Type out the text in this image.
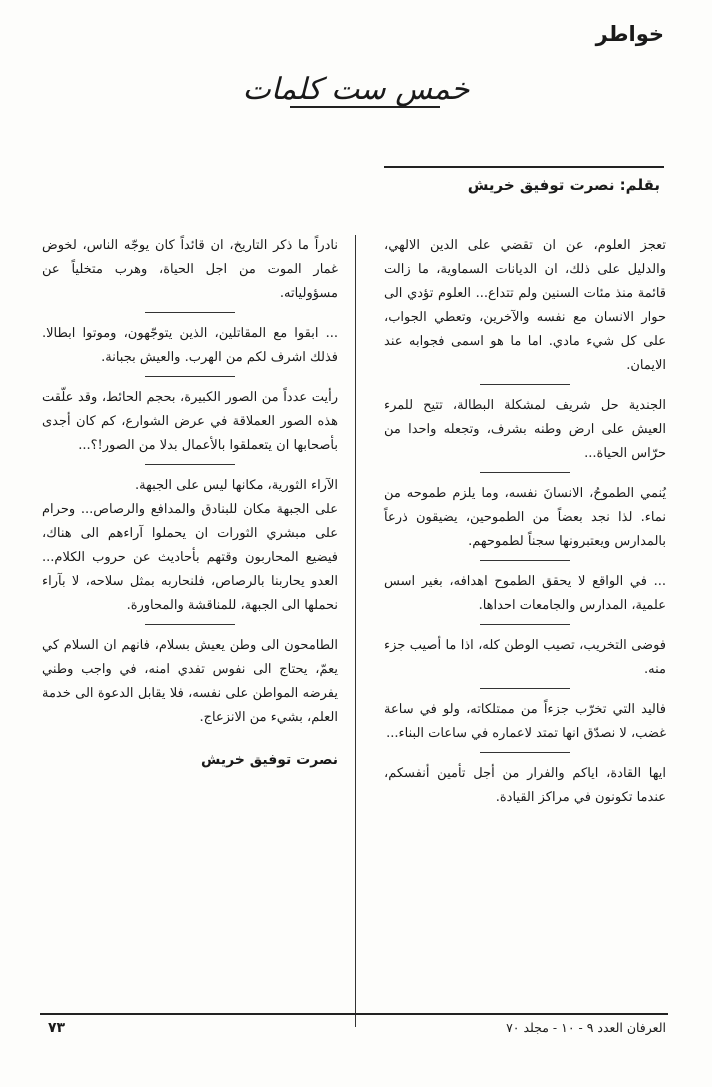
خواطر
خمس ست كلمات
بقلم: نصرت توفيق خريش

تعجز العلوم، عن ان تقضي على الدين الالهي، والدليل على ذلك، ان الديانات السماوية، ما زالت قائمة منذ مئات السنين ولم تتداع... العلوم تؤدي الى حوار الانسان مع نفسه والآخرين، وتعطي الجواب، على كل شيء مادي. اما ما هو اسمى فجوابه عند الايمان.

الجندية حل شريف لمشكلة البطالة، تتيح للمرء العيش على ارض وطنه بشرف، وتجعله واحدا من حرّاس الحياة...

يُنمي الطموحُ، الانسانَ نفسه، وما يلزم طموحه من نماء. لذا نجد بعضاً من الطموحين، يضيقون ذرعاً بالمدارس ويعتبرونها سجناً لطموحهم.

... في الواقع لا يحقق الطموح اهدافه، بغير اسس علمية، المدارس والجامعات احداها.

فوضى التخريب، تصيب الوطن كله، اذا ما أصيب جزء منه.

فاليد التي تخرّب جزءاً من ممتلكاته، ولو في ساعة غضب، لا نصدّق انها تمتد لاعماره في ساعات البناء...

ايها القادة، اياكم والفرار من أجل تأمين أنفسكم، عندما تكونون في مراكز القيادة.

نادراً ما ذكر التاريخ، ان قائداً كان يوجّه الناس، لخوض غمار الموت من اجل الحياة، وهرب متخلياً عن مسؤولياته.

... ابقوا مع المقاتلين، الذين يتوجّهون، وموتوا ابطالا. فذلك اشرف لكم من الهرب. والعيش بجبانة.

رأيت عدداً من الصور الكبيرة، بحجم الحائط، وقد علّقت هذه الصور العملاقة في عرض الشوارع، كم كان أجدى بأصحابها ان يتعملقوا بالأعمال بدلا من الصور!؟...

الآراء الثورية، مكانها ليس على الجبهة.

على الجبهة مكان للبنادق والمدافع والرصاص... وحرام على مبشري الثورات ان يحملوا آراءهم الى هناك، فيضيع المحاربون وقتهم بأحاديث عن حروب الكلام... العدو يحاربنا بالرصاص، فلنحاربه بمثل سلاحه، لا بآراء نحملها الى الجبهة، للمناقشة والمحاورة.

الطامحون الى وطن يعيش بسلام، فانهم ان السلام كي يعمّ، يحتاج الى نفوس تفدي امنه، في واجب وطني يفرضه المواطن على نفسه، فلا يقابل الدعوة الى خدمة العلم، بشيء من الانزعاج.

نصرت توفيق خريش

العرفان العدد ٩ - ١٠ - مجلد ٧٠
٧٣
